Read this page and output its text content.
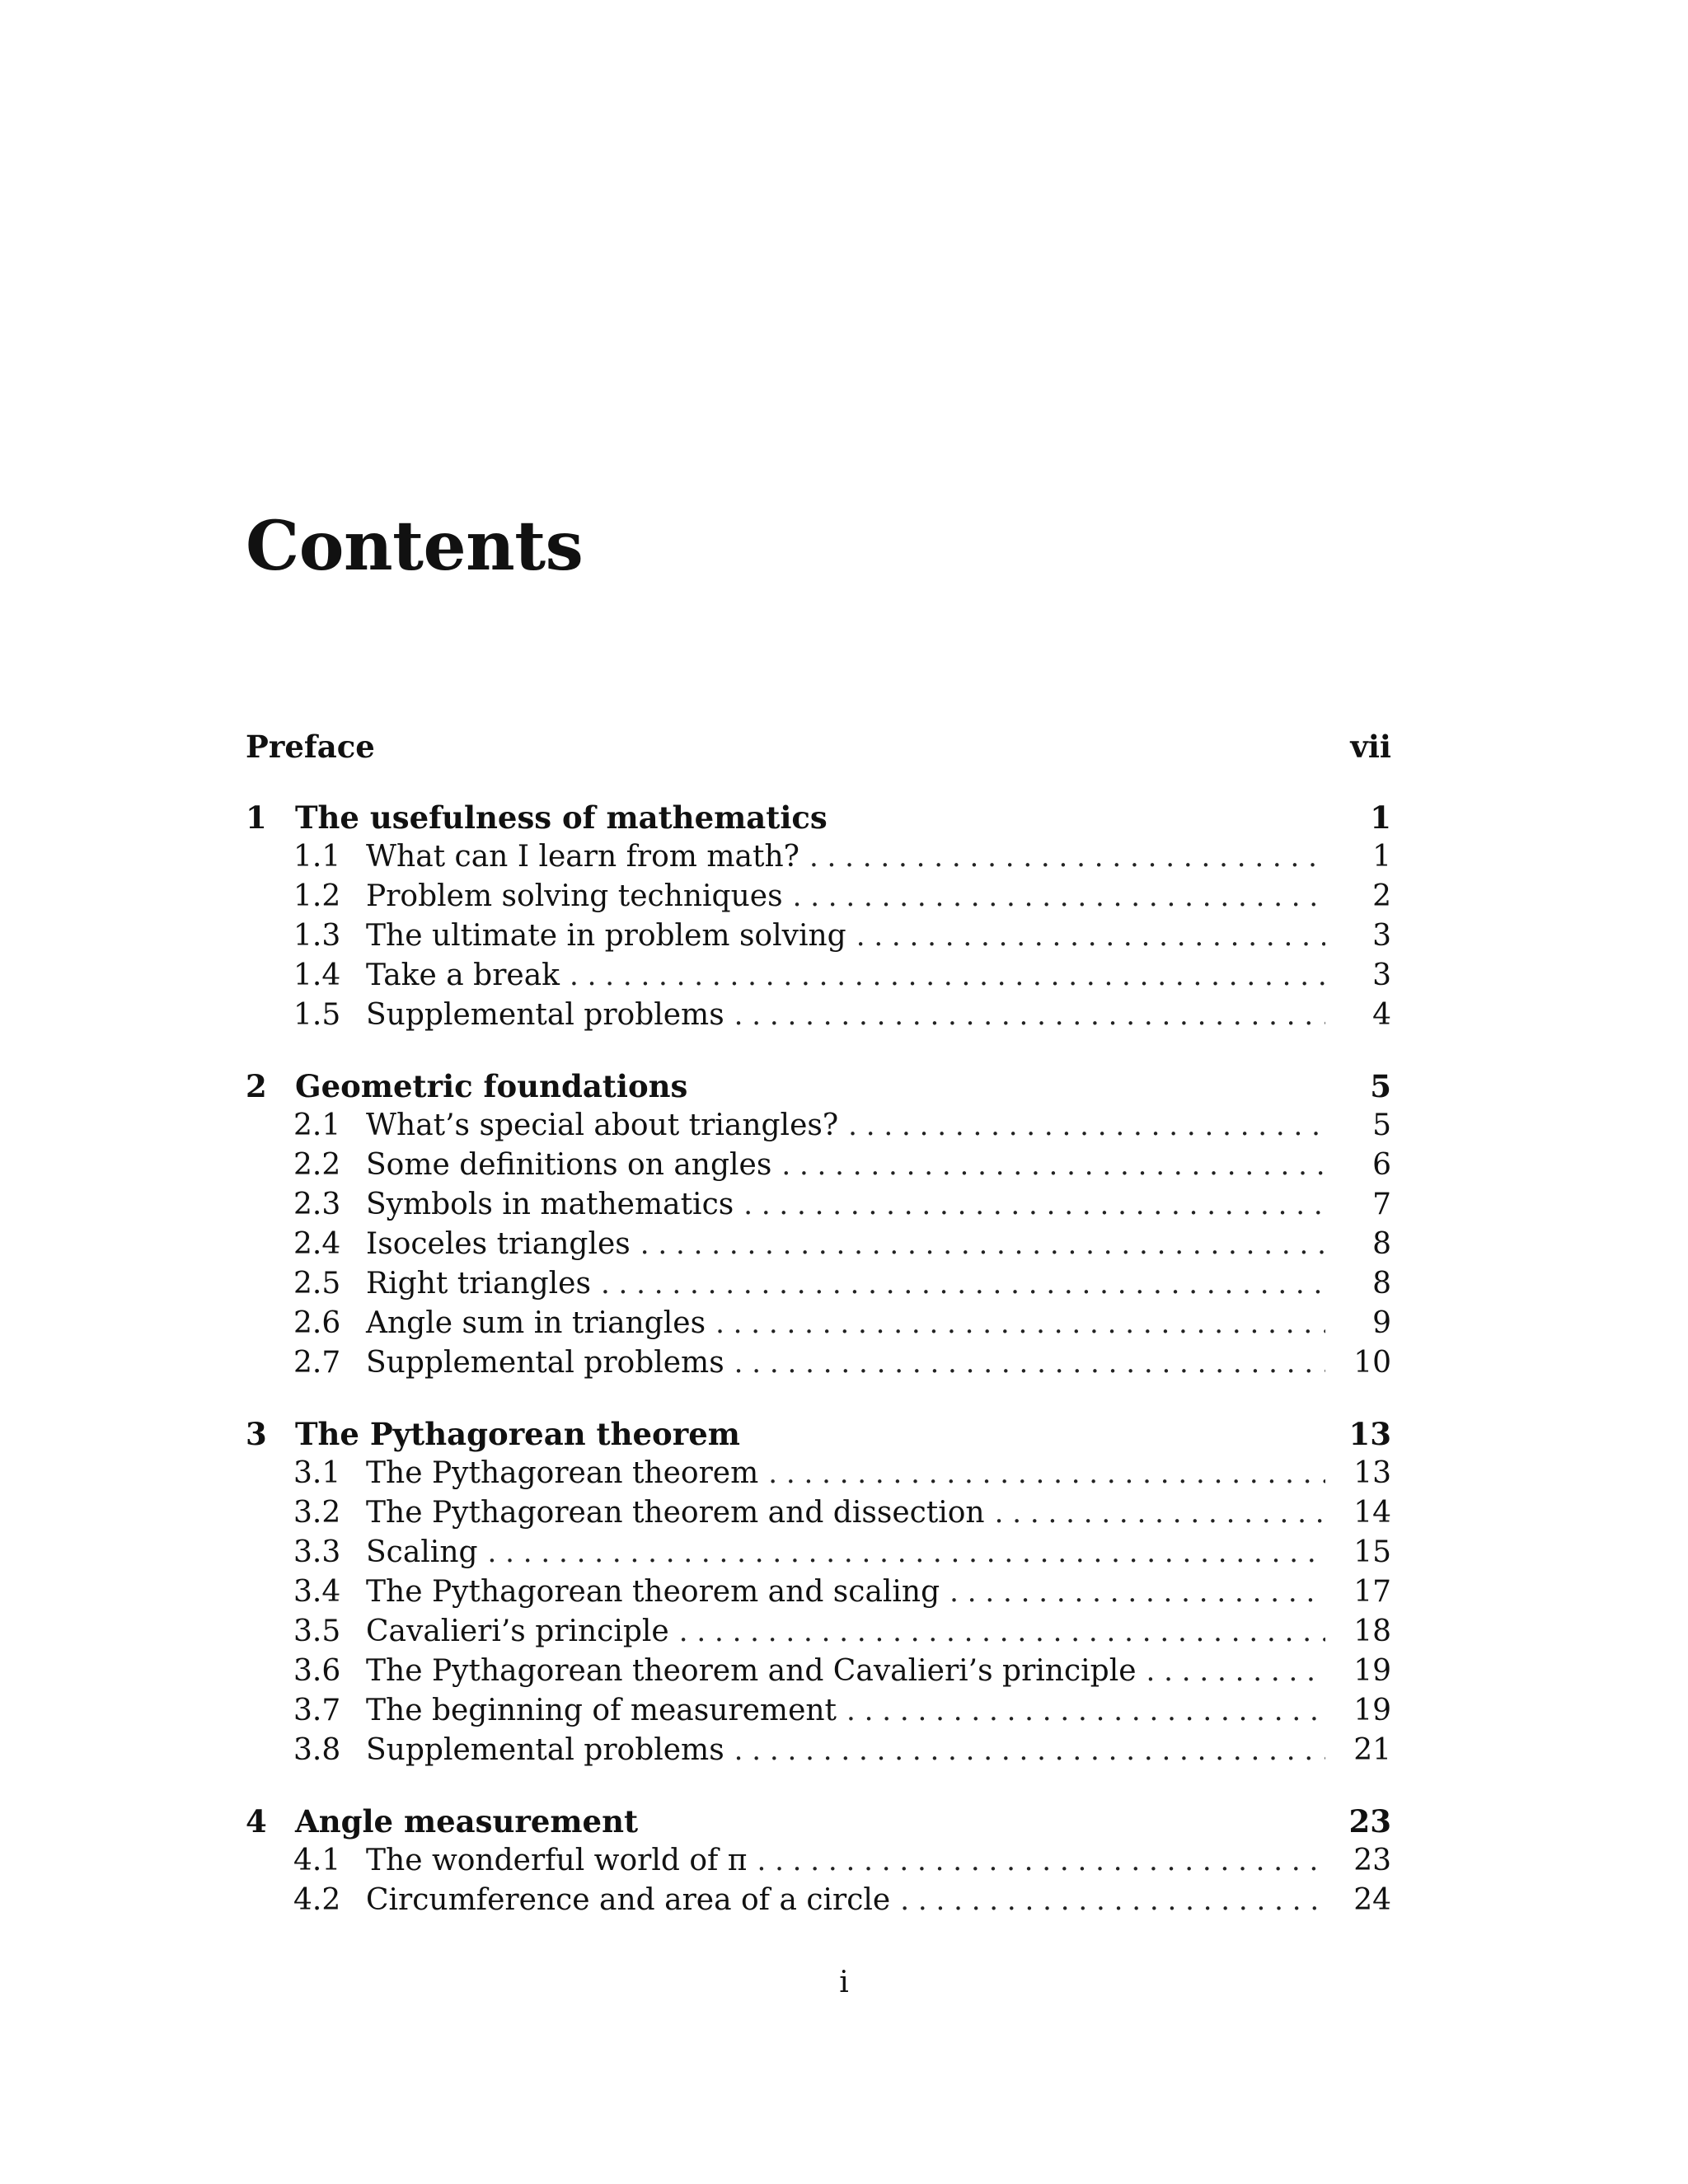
Contents
Preface	vii
1 The usefulness of mathematics	1
1.1 What can I learn from math? . .	1
1.2 Problem solving techniques . .	2
1.3 The ultimate in problem solving . .	3
1.4 Take a break . .	3
1.5 Supplemental problems . .	4
2 Geometric foundations	5
2.1 What’s special about triangles? . .	5
2.2 Some definitions on angles . .	6
2.3 Symbols in mathematics . .	7
2.4 Isoceles triangles . .	8
2.5 Right triangles . .	8
2.6 Angle sum in triangles . .	9
2.7 Supplemental problems . .	10
3 The Pythagorean theorem	13
3.1 The Pythagorean theorem . .	13
3.2 The Pythagorean theorem and dissection . .	14
3.3 Scaling . .	15
3.4 The Pythagorean theorem and scaling . .	17
3.5 Cavalieri’s principle . .	18
3.6 The Pythagorean theorem and Cavalieri’s principle . .	19
3.7 The beginning of measurement . .	19
3.8 Supplemental problems . .	21
4 Angle measurement	23
4.1 The wonderful world of π . .	23
4.2 Circumference and area of a circle . .	24
i
